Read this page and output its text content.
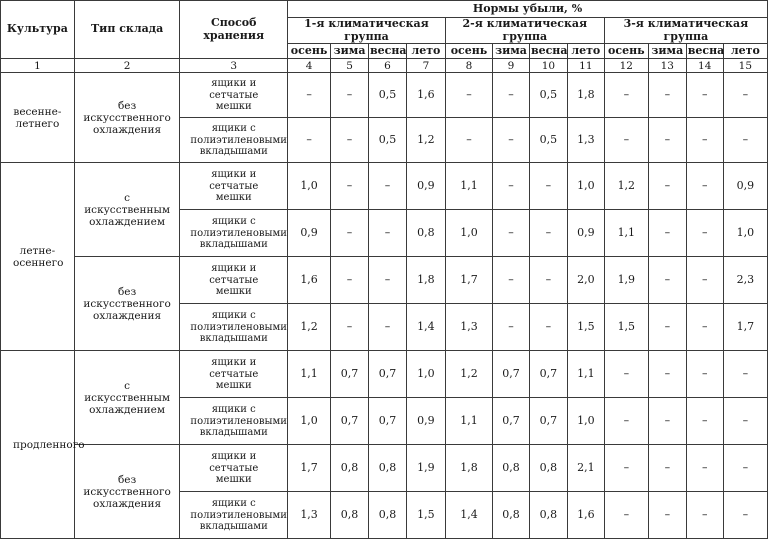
Культура	Тип склада	Способ хранения	Нормы убыли, %											
			1-я климатическая группа				2-я климатическая группа				3-я климатическая группа			
			осень	зима	весна	лето	осень	зима	весна	лето	осень	зима	весна	лето
1	2	3	4	5	6	7	8	9	10	11	12	13	14	15
весенне-летнего	без искусственного охлаждения	ящики и сетчатые мешки	–	–	0,5	1,6	–	–	0,5	1,8	–	–	–	–
		ящики с полиэтиленовыми вкладышами	–	–	0,5	1,2	–	–	0,5	1,3	–	–	–	–
летне-осеннего	с искусственным охлаждением	ящики и сетчатые мешки	1,0	–	–	0,9	1,1	–	–	1,0	1,2	–	–	0,9
		ящики с полиэтиленовыми вкладышами	0,9	–	–	0,8	1,0	–	–	0,9	1,1	–	–	1,0
	без искусственного охлаждения	ящики и сетчатые мешки	1,6	–	–	1,8	1,7	–	–	2,0	1,9	–	–	2,3
		ящики с полиэтиленовыми вкладышами	1,2	–	–	1,4	1,3	–	–	1,5	1,5	–	–	1,7
продленного	с искусственным охлаждением	ящики и сетчатые мешки	1,1	0,7	0,7	1,0	1,2	0,7	0,7	1,1	–	–	–	–
		ящики с полиэтиленовыми вкладышами	1,0	0,7	0,7	0,9	1,1	0,7	0,7	1,0	–	–	–	–
	без искусственного охлаждения	ящики и сетчатые мешки	1,7	0,8	0,8	1,9	1,8	0,8	0,8	2,1	–	–	–	–
		ящики с полиэтиленовыми вкладышами	1,3	0,8	0,8	1,5	1,4	0,8	0,8	1,6	–	–	–	–
